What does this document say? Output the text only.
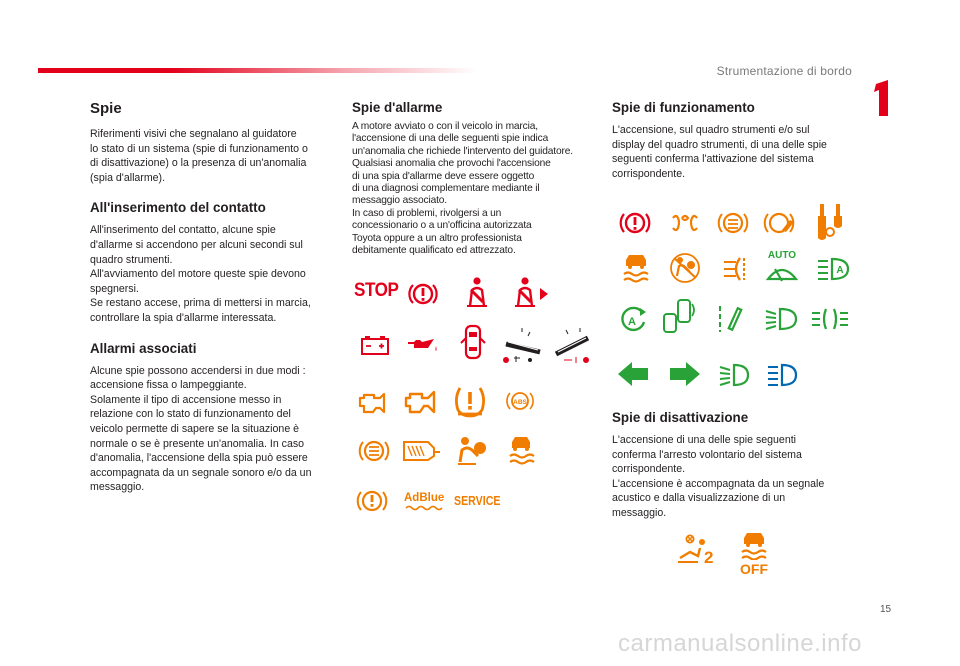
Strumentazione di bordo
Spie

Riferimenti visivi che segnalano al guidatore

lo stato di un sistema (spie di funzionamento o

di disattivazione) o la presenza di un'anomalia

(spia d'allarme).

All'inserimento del contatto

All'inserimento del contatto, alcune spie

d'allarme si accendono per alcuni secondi sul

quadro strumenti.

All'avviamento del motore queste spie devono

spegnersi.

Se restano accese, prima di mettersi in marcia,

controllare la spia d'allarme interessata.

Allarmi associati

Alcune spie possono accendersi in due modi :

accensione fissa o lampeggiante.

Solamente il tipo di accensione messo in

relazione con lo stato di funzionamento del

veicolo permette di sapere se la situazione è

normale o se è presente un'anomalia. In caso

d'anomalia, l'accensione della spia può essere

accompagnata da un segnale sonoro e/o da un

messaggio.

Spie d'allarme

A motore avviato o con il veicolo in marcia,

l'accensione di una delle seguenti spie indica

un'anomalia che richiede l'intervento del guidatore.

Qualsiasi anomalia che provochi l'accensione

di una spia d'allarme deve essere oggetto

di una diagnosi complementare mediante il

messaggio associato.

In caso di problemi, rivolgersi a un

concessionario o a un'officina autorizzata

Toyota oppure a un altro professionista

debitamente qualificato ed attrezzato.

Spie di funzionamento

L'accensione, sul quadro strumenti e/o sul

display del quadro strumenti, di una delle spie

seguenti conferma l'attivazione del sistema

corrispondente.

Spie di disattivazione

L'accensione di una delle spie seguenti

conferma l'arresto volontario del sistema

corrispondente.

L'accensione è accompagnata da un segnale

acustico e dalla visualizzazione di un

messaggio.

STOP
ABS
AdBlue SERVICE
AUTO
A
A
2
OFF
15
carmanualsonline.info
